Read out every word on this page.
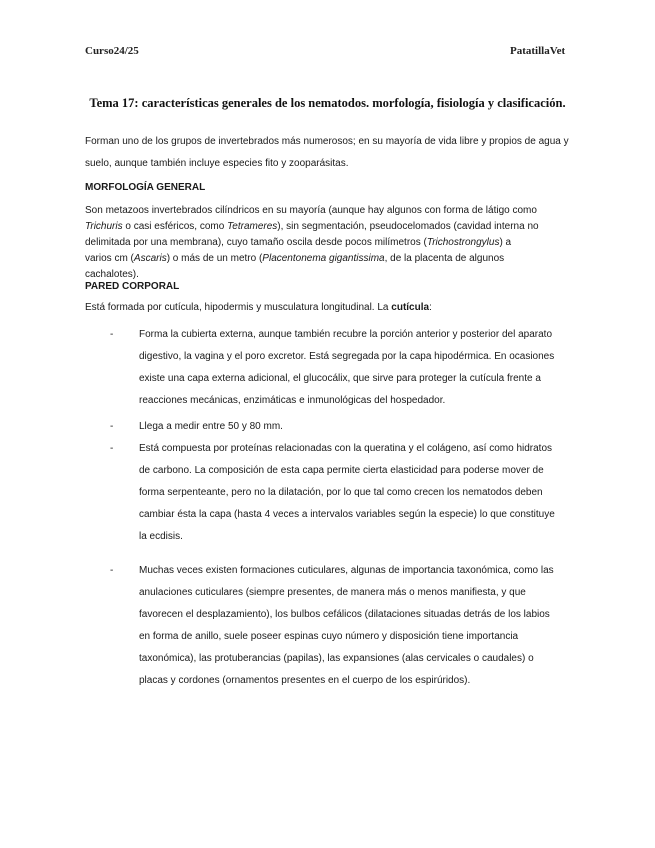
Curso24/25	PatatillaVet
Tema 17: características generales de los nematodos. morfología, fisiología y clasificación.

Forman uno de los grupos de invertebrados más numerosos; en su mayoría de vida libre y propios de agua y suelo, aunque también incluye especies fito y zooparásitas.

MORFOLOGÍA GENERAL

Son metazoos invertebrados cilíndricos en su mayoría (aunque hay algunos con forma de látigo como Trichuris o casi esféricos, como Tetrameres), sin segmentación, pseudocelomados (cavidad interna no delimitada por una membrana), cuyo tamaño oscila desde pocos milímetros (Trichostrongylus) a varios cm (Ascaris) o más de un metro (Placentonema gigantissima, de la placenta de algunos cachalotes).

PARED CORPORAL

Está formada por cutícula, hipodermis y musculatura longitudinal. La cutícula:

-	Forma la cubierta externa, aunque también recubre la porción anterior y posterior del aparato digestivo, la vagina y el poro excretor. Está segregada por la capa hipodérmica. En ocasiones existe una capa externa adicional, el glucocálix, que sirve para proteger la cutícula frente a reacciones mecánicas, enzimáticas e inmunológicas del hospedador.
-	Llega a medir entre 50 y 80 mm.
-	Está compuesta por proteínas relacionadas con la queratina y el colágeno, así como hidratos de carbono. La composición de esta capa permite cierta elasticidad para poderse mover de forma serpenteante, pero no la dilatación, por lo que tal como crecen los nematodos deben cambiar ésta la capa (hasta 4 veces a intervalos variables según la especie) lo que constituye la ecdisis.
-	Muchas veces existen formaciones cuticulares, algunas de importancia taxonómica, como las anulaciones cuticulares (siempre presentes, de manera más o menos manifiesta, y que favorecen el desplazamiento), los bulbos cefálicos (dilataciones situadas detrás de los labios en forma de anillo, suele poseer espinas cuyo número y disposición tiene importancia taxonómica), las protuberancias (papilas), las expansiones (alas cervicales o caudales) o placas y cordones (ornamentos presentes en el cuerpo de los espirúridos).
